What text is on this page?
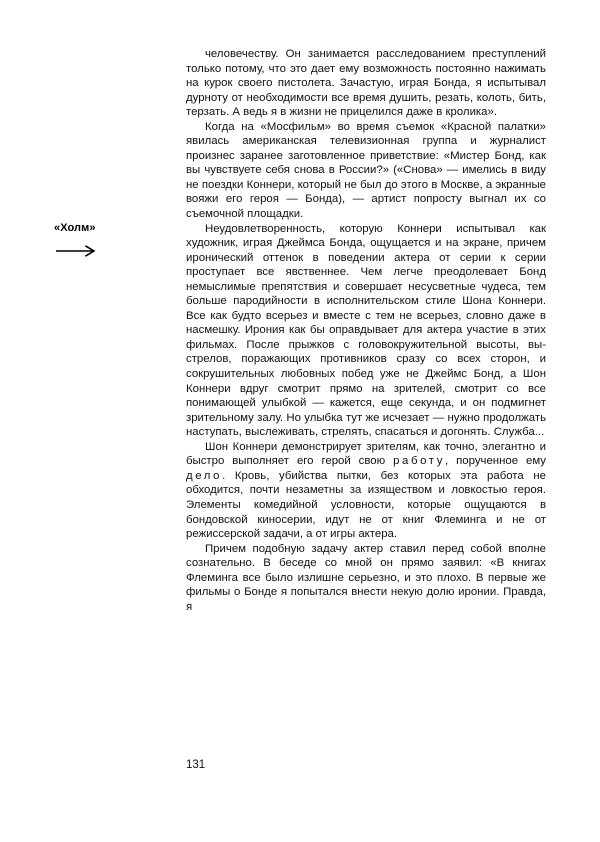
«Холм»

человечеству. Он занимается расследованием преступлений только потому, что это дает ему возможность постоянно нажимать на курок своего пистолета. Зачастую, играя Бонда, я испытывал дурноту от необходимости все время душить, резать, колоть, бить, терзать. А ведь я в жизни не прицелился даже в кролика».

Когда на «Мосфильм» во время съемок «Красной палатки» явилась американская телевизионная группа и журналист произнес заранее заготовленное приветствие: «Мистер Бонд, как вы чувствуете себя снова в России?» («Снова» — имелись в виду не поездки Коннери, который не был до этого в Москве, а экранные вояжи его героя — Бонда), — артист попросту выгнал их со съемочной площадки.

Неудовлетворенность, которую Коннери испытывал как художник, играя Джеймса Бонда, ощущается и на экране, причем иронический оттенок в поведении актера от серии к серии проступает все явственнее. Чем легче преодолевает Бонд немыслимые препятствия и совершает несусветные чудеса, тем больше пародийности в исполнительском стиле Шона Коннери. Все как будто всерьез и вместе с тем не всерьез, словно даже в насмешку. Ирония как бы оправдывает для актера участие в этих фильмах. После прыжков с головокружительной высоты, выстрелов, поражающих противников сразу со всех сторон, и сокрушительных любовных побед уже не Джеймс Бонд, а Шон Коннери вдруг смотрит прямо на зрителей, смотрит со все понимающей улыбкой — кажется, еще секунда, и он подмигнет зрительному залу. Но улыбка тут же исчезает — нужно продолжать наступать, выслеживать, стрелять, спасаться и догонять. Служба...

Шон Коннери демонстрирует зрителям, как точно, элегантно и быстро выполняет его герой свою работу, порученное ему дело. Кровь, убийства пытки, без которых эта работа не обходится, почти незаметны за изяществом и ловкостью героя. Элементы комедийной условности, которые ощущаются в бондовской киносерии, идут не от книг Флеминга и не от режиссерской задачи, а от игры актера.

Причем подобную задачу актер ставил перед собой вполне сознательно. В беседе со мной он прямо заявил: «В книгах Флеминга все было излишне серьезно, и это плохо. В первые же фильмы о Бонде я попытался внести некую долю иронии. Правда, я

131
